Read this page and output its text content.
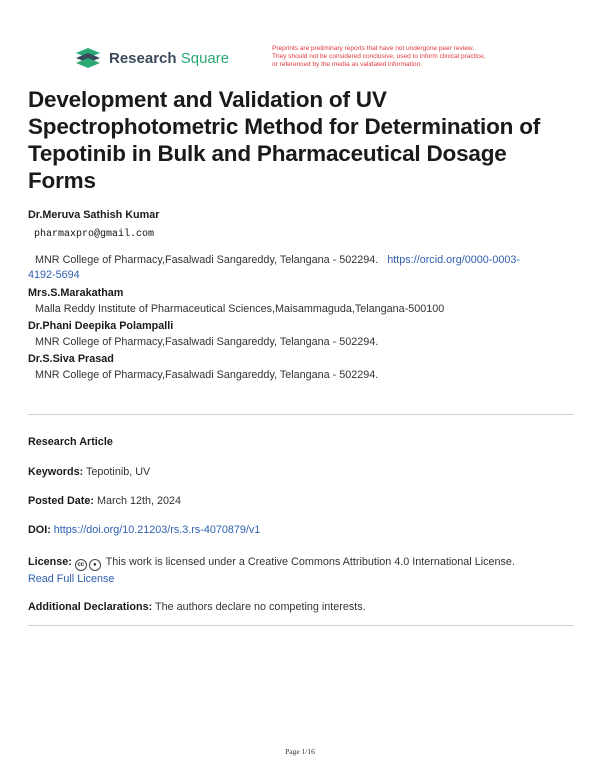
Research Square
Preprints are preliminary reports that have not undergone peer review.
They should not be considered conclusive, used to inform clinical practice,
or referenced by the media as validated information.
Development and Validation of UV Spectrophotometric Method for Determination of Tepotinib in Bulk and Pharmaceutical Dosage Forms
Dr.Meruva Sathish Kumar
pharmaxpro@gmail.com
MNR College of Pharmacy,Fasalwadi Sangareddy, Telangana - 502294. https://orcid.org/0000-0003-
4192-5694
Mrs.S.Marakatham
Malla Reddy Institute of Pharmaceutical Sciences,Maisammaguda,Telangana-500100
Dr.Phani Deepika Polampalli
MNR College of Pharmacy,Fasalwadi Sangareddy, Telangana - 502294.
Dr.S.Siva Prasad
MNR College of Pharmacy,Fasalwadi Sangareddy, Telangana - 502294.
Research Article
Keywords: Tepotinib, UV
Posted Date: March 12th, 2024
DOI: https://doi.org/10.21203/rs.3.rs-4070879/v1
License: cc ● This work is licensed under a Creative Commons Attribution 4.0 International License.
Read Full License
Additional Declarations: The authors declare no competing interests.
Page 1/16
